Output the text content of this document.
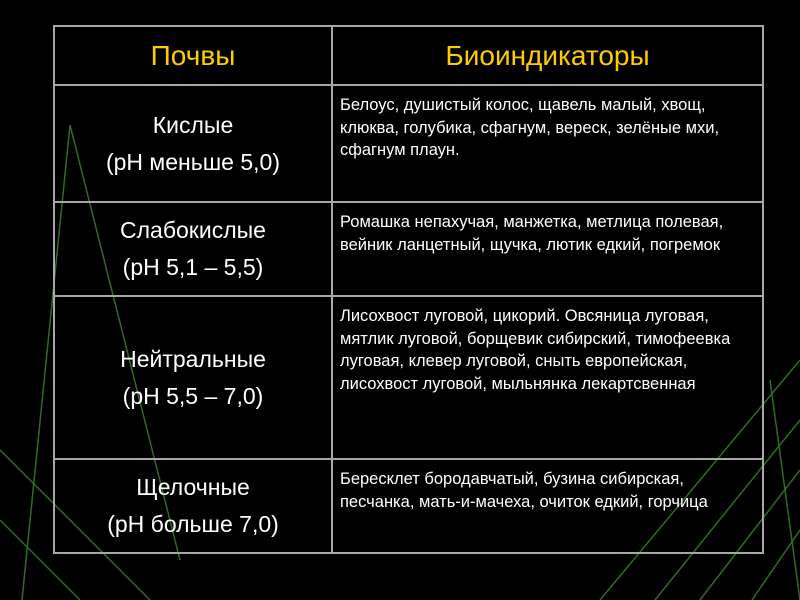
Почвы	Биоиндикаторы

Кислые
(рН меньше 5,0)	Белоус, душистый колос, щавель малый, хвощ, клюква, голубика, сфагнум, вереск, зелёные мхи, сфагнум плаун.

Слабокислые
(рН 5,1 – 5,5)	Ромашка непахучая, манжетка, метлица полевая, вейник ланцетный, щучка, лютик едкий, погремок

Нейтральные
(рН 5,5 – 7,0)	Лисохвост луговой, цикорий. Овсяница луговая, мятлик луговой, борщевик сибирский, тимофеевка луговая, клевер луговой, сныть европейская, лисохвост луговой, мыльнянка лекартсвенная

Щелочные
(рН больше 7,0)	Бересклет бородавчатый, бузина сибирская, песчанка, мать-и-мачеха, очиток едкий, горчица
